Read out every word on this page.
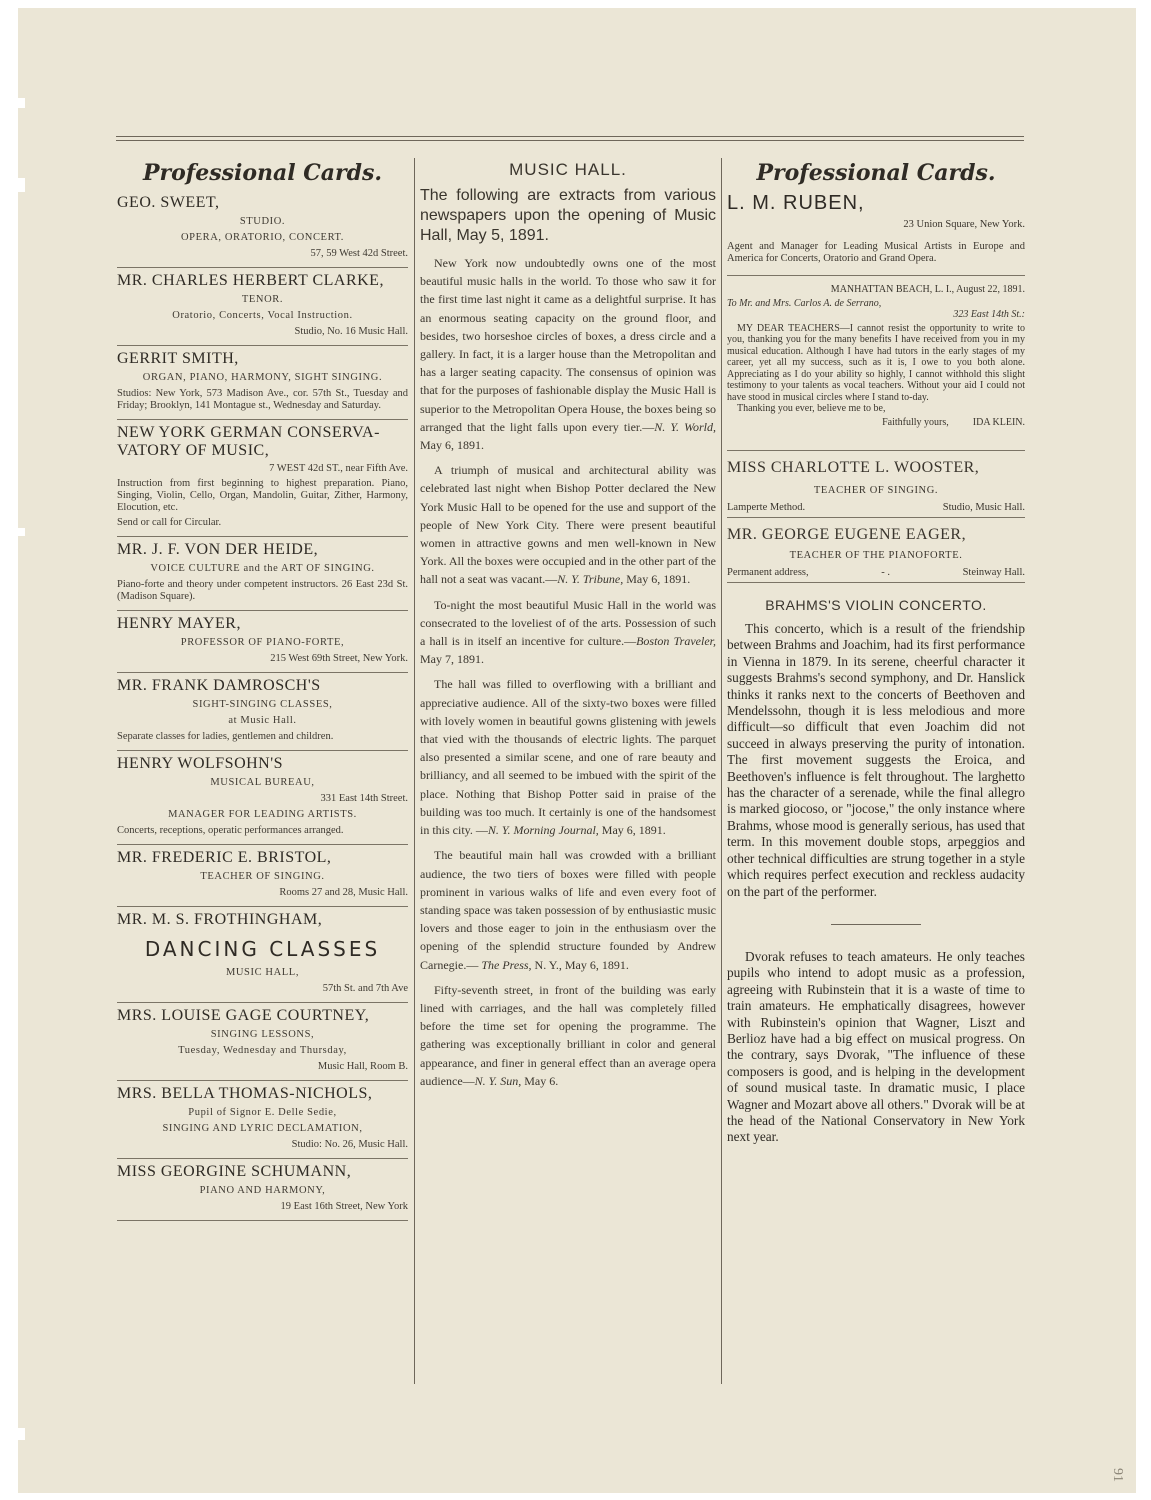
Professional Cards.
GEO. SWEET,
STUDIO.
OPERA, ORATORIO, CONCERT.
57, 59 West 42d Street.
MR. CHARLES HERBERT CLARKE,
TENOR.
Oratorio, Concerts, Vocal Instruction.
Studio, No. 16 Music Hall.
GERRIT SMITH,
ORGAN, PIANO, HARMONY, SIGHT SINGING.
Studios: New York, 573 Madison Ave., cor. 57th St., Tuesday and Friday; Brooklyn, 141 Montague st., Wednesday and Saturday.
NEW YORK GERMAN CONSERVA-VATORY OF MUSIC,
7 WEST 42d ST., near Fifth Ave.
Instruction from first beginning to highest preparation. Piano, Singing, Violin, Cello, Organ, Mandolin, Guitar, Zither, Harmony, Elocution, etc.
Send or call for Circular.
MR. J. F. VON DER HEIDE,
VOICE CULTURE and the ART OF SINGING.
Piano-forte and theory under competent instructors. 26 East 23d St. (Madison Square).
HENRY MAYER,
PROFESSOR OF PIANO-FORTE,
215 West 69th Street, New York.
MR. FRANK DAMROSCH'S
SIGHT-SINGING CLASSES,
at Music Hall.
Separate classes for ladies, gentlemen and children.
HENRY WOLFSOHN'S
MUSICAL BUREAU,
331 East 14th Street.
MANAGER FOR LEADING ARTISTS.
Concerts, receptions, operatic performances arranged.
MR. FREDERIC E. BRISTOL,
TEACHER OF SINGING.
Rooms 27 and 28, Music Hall.
MR. M. S. FROTHINGHAM,
DANCING CLASSES
MUSIC HALL,
57th St. and 7th Ave
MRS. LOUISE GAGE COURTNEY,
SINGING LESSONS,
Tuesday, Wednesday and Thursday,
Music Hall, Room B.
MRS. BELLA THOMAS-NICHOLS,
Pupil of Signor E. Delle Sedie,
SINGING AND LYRIC DECLAMATION,
Studio: No. 26, Music Hall.
MISS GEORGINE SCHUMANN,
PIANO AND HARMONY,
19 East 16th Street, New York
MUSIC HALL.
The following are extracts from various newspapers upon the opening of Music Hall, May 5, 1891.

New York now undoubtedly owns one of the most beautiful music halls in the world. To those who saw it for the first time last night it came as a delightful surprise. It has an enormous seating capacity on the ground floor, and besides, two horseshoe circles of boxes, a dress circle and a gallery. In fact, it is a larger house than the Metropolitan and has a larger seating capacity. The consensus of opinion was that for the purposes of fashionable display the Music Hall is superior to the Metropolitan Opera House, the boxes being so arranged that the light falls upon every tier.—N. Y. World, May 6, 1891.

A triumph of musical and architectural ability was celebrated last night when Bishop Potter declared the New York Music Hall to be opened for the use and support of the people of New York City. There were present beautiful women in attractive gowns and men well-known in New York. All the boxes were occupied and in the other part of the hall not a seat was vacant.—N. Y. Tribune, May 6, 1891.

To-night the most beautiful Music Hall in the world was consecrated to the loveliest of of the arts. Possession of such a hall is in itself an incentive for culture.—Boston Traveler, May 7, 1891.

The hall was filled to overflowing with a brilliant and appreciative audience. All of the sixty-two boxes were filled with lovely women in beautiful gowns glistening with jewels that vied with the thousands of electric lights. The parquet also presented a similar scene, and one of rare beauty and brilliancy, and all seemed to be imbued with the spirit of the place. Nothing that Bishop Potter said in praise of the building was too much. It certainly is one of the handsomest in this city. —N. Y. Morning Journal, May 6, 1891.

The beautiful main hall was crowded with a brilliant audience, the two tiers of boxes were filled with people prominent in various walks of life and even every foot of standing space was taken possession of by enthusiastic music lovers and those eager to join in the enthusiasm over the opening of the splendid structure founded by Andrew Carnegie.— The Press, N. Y., May 6, 1891.

Fifty-seventh street, in front of the building was early lined with carriages, and the hall was completely filled before the time set for opening the programme. The gathering was exceptionally brilliant in color and general appearance, and finer in general effect than an average opera audience—N. Y. Sun, May 6.

Professional Cards.
L. M. RUBEN,
23 Union Square, New York.
Agent and Manager for Leading Musical Artists in Europe and America for Concerts, Oratorio and Grand Opera.
MANHATTAN BEACH, L. I., August 22, 1891.
To Mr. and Mrs. Carlos A. de Serrano,
323 East 14th St.:
MY DEAR TEACHERS—I cannot resist the opportunity to write to you, thanking you for the many benefits I have received from you in my musical education. Although I have had tutors in the early stages of my career, yet all my success, such as it is, I owe to you both alone. Appreciating as I do your ability so highly, I cannot withhold this slight testimony to your talents as vocal teachers. Without your aid I could not have stood in musical circles where I stand to-day.
Thanking you ever, believe me to be,
Faithfully yours, IDA KLEIN.
MISS CHARLOTTE L. WOOSTER,
TEACHER OF SINGING.
Lamperte Method.	Studio, Music Hall.
MR. GEORGE EUGENE EAGER,
TEACHER OF THE PIANOFORTE.
Permanent address,	- .	Steinway Hall.
BRAHMS'S VIOLIN CONCERTO.

This concerto, which is a result of the friendship between Brahms and Joachim, had its first performance in Vienna in 1879. In its serene, cheerful character it suggests Brahms's second symphony, and Dr. Hanslick thinks it ranks next to the concerts of Beethoven and Mendelssohn, though it is less melodious and more difficult—so difficult that even Joachim did not succeed in always preserving the purity of intonation. The first movement suggests the Eroica, and Beethoven's influence is felt throughout. The larghetto has the character of a serenade, while the final allegro is marked giocoso, or "jocose," the only instance where Brahms, whose mood is generally serious, has used that term. In this movement double stops, arpeggios and other technical difficulties are strung together in a style which requires perfect execution and reckless audacity on the part of the performer.

Dvorak refuses to teach amateurs. He only teaches pupils who intend to adopt music as a profession, agreeing with Rubinstein that it is a waste of time to train amateurs. He emphatically disagrees, however with Rubinstein's opinion that Wagner, Liszt and Berlioz have had a big effect on musical progress. On the contrary, says Dvorak, "The influence of these composers is good, and is helping in the development of sound musical taste. In dramatic music, I place Wagner and Mozart above all others." Dvorak will be at the head of the National Conservatory in New York next year.

91
